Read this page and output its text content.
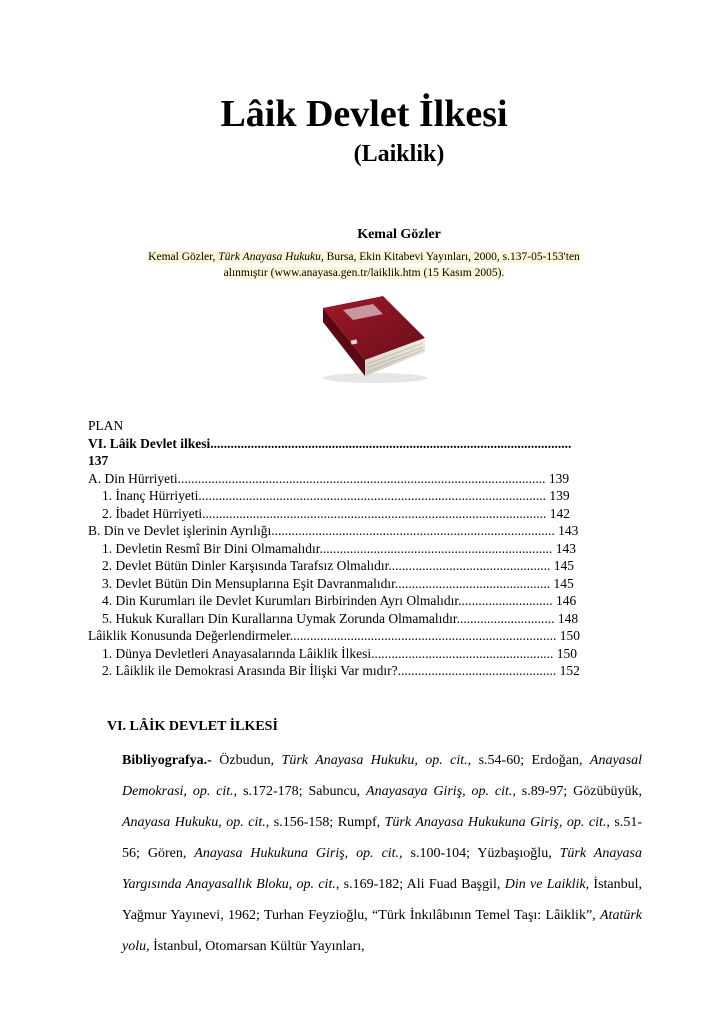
Lâik Devlet İlkesi
(Laiklik)
Kemal Gözler
Kemal Gözler, Türk Anayasa Hukuku, Bursa, Ekin Kitabevi Yayınları, 2000, s.137-05-153'ten
alınmıştır (www.anayasa.gen.tr/laiklik.htm (15 Kasım 2005).
PLAN
VI. Lâik Devlet ilkesi...........................................................................................................
137
A. Din Hürriyeti............................................................................................................. 139
1. İnanç Hürriyeti....................................................................................................... 139
2. İbadet Hürriyeti...................................................................................................... 142
B. Din ve Devlet işlerinin Ayrılığı.................................................................................... 143
1. Devletin Resmî Bir Dini Olmamalıdır..................................................................... 143
2. Devlet Bütün Dinler Karşısında Tarafsız Olmalıdır................................................ 145
3. Devlet Bütün Din Mensuplarına Eşit Davranmalıdır.............................................. 145
4. Din Kurumları ile Devlet Kurumları Birbirinden Ayrı Olmalıdır............................ 146
5. Hukuk Kuralları Din Kurallarına Uymak Zorunda Olmamalıdır............................. 148
Lâiklik Konusunda Değerlendirmeler............................................................................... 150
1. Dünya Devletleri Anayasalarında Lâiklik İlkesi...................................................... 150
2. Lâiklik ile Demokrasi Arasında Bir İlişki Var mıdır?............................................... 152
VI. LÂİK DEVLET İLKESİ
Bibliyografya.- Özbudun, Türk Anayasa Hukuku, op. cit., s.54-60; Erdoğan, Anayasal Demokrasi, op. cit., s.172-178; Sabuncu, Anayasaya Giriş, op. cit., s.89-97; Gözübüyük, Anayasa Hukuku, op. cit., s.156-158; Rumpf, Türk Anayasa Hukukuna Giriş, op. cit., s.51-56; Gören, Anayasa Hukukuna Giriş, op. cit., s.100-104; Yüzbaşıoğlu, Türk Anayasa Yargısında Anayasallık Bloku, op. cit., s.169-182; Ali Fuad Başgil, Din ve Laiklik, İstanbul, Yağmur Yayınevi, 1962; Turhan Feyzioğlu, “Türk İnkılâbının Temel Taşı: Lâiklik”, Atatürk yolu, İstanbul, Otomarsan Kültür Yayınları,
